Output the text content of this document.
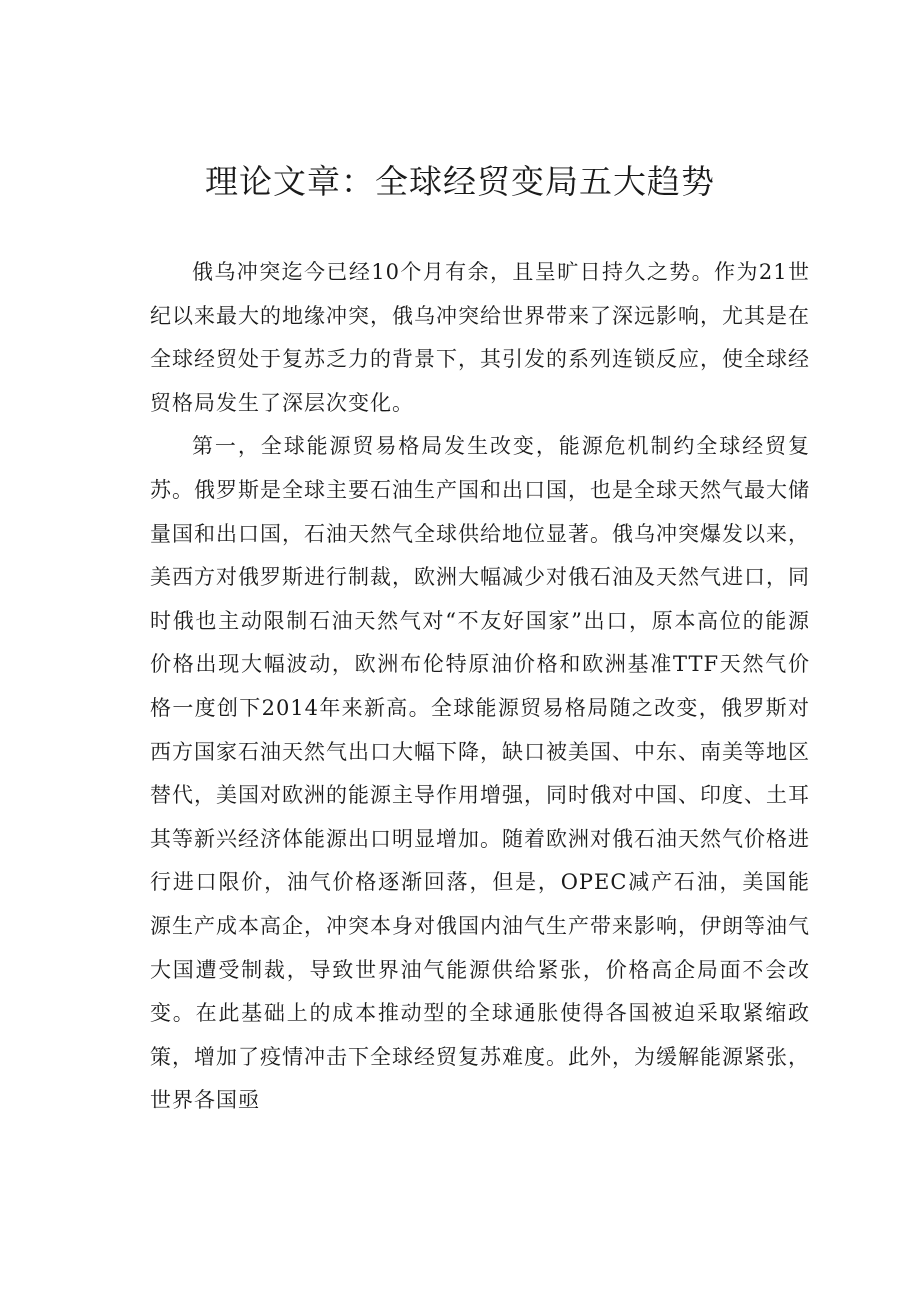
理论文章：全球经贸变局五大趋势

俄乌冲突迄今已经10个月有余，且呈旷日持久之势。作为21世纪以来最大的地缘冲突，俄乌冲突给世界带来了深远影响，尤其是在全球经贸处于复苏乏力的背景下，其引发的系列连锁反应，使全球经贸格局发生了深层次变化。

第一，全球能源贸易格局发生改变，能源危机制约全球经贸复苏。俄罗斯是全球主要石油生产国和出口国，也是全球天然气最大储量国和出口国，石油天然气全球供给地位显著。俄乌冲突爆发以来，美西方对俄罗斯进行制裁，欧洲大幅减少对俄石油及天然气进口，同时俄也主动限制石油天然气对“不友好国家”出口，原本高位的能源价格出现大幅波动，欧洲布伦特原油价格和欧洲基准TTF天然气价格一度创下2014年来新高。全球能源贸易格局随之改变，俄罗斯对西方国家石油天然气出口大幅下降，缺口被美国、中东、南美等地区替代，美国对欧洲的能源主导作用增强，同时俄对中国、印度、土耳其等新兴经济体能源出口明显增加。随着欧洲对俄石油天然气价格进行进口限价，油气价格逐渐回落，但是，OPEC减产石油，美国能源生产成本高企，冲突本身对俄国内油气生产带来影响，伊朗等油气大国遭受制裁，导致世界油气能源供给紧张，价格高企局面不会改变。在此基础上的成本推动型的全球通胀使得各国被迫采取紧缩政策，增加了疫情冲击下全球经贸复苏难度。此外，为缓解能源紧张，世界各国亟
